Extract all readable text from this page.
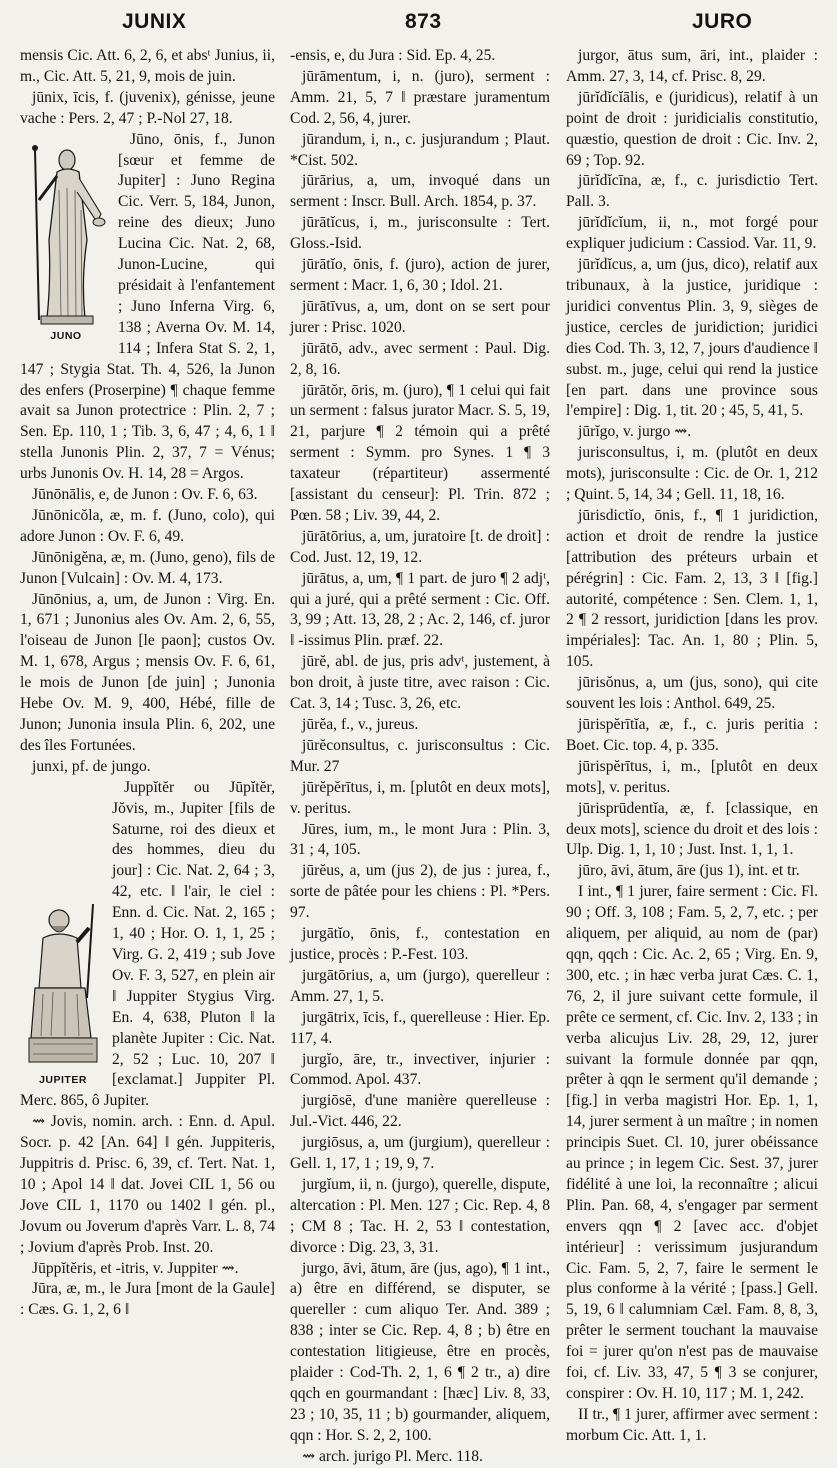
JUNIX	873	JURO

mensis Cic. Att. 6, 2, 6, et absᵗ Junius, ii, m., Cic. Att. 5, 21, 9, mois de juin.

jūnix, īcis, f. (juvenix), génisse, jeune vache : Pers. 2, 47 ; P.-Nol 27, 18.

JUNO

Jūno, ōnis, f., Junon [sœur et femme de Jupiter] : Juno Regina Cic. Verr. 5, 184, Junon, reine des dieux; Juno Lucina Cic. Nat. 2, 68, Junon-Lucine, qui présidait à l'enfantement ; Juno Inferna Virg. 6, 138 ; Averna Ov. M. 14, 114 ; Infera Stat S. 2, 1, 147 ; Stygia Stat. Th. 4, 526, la Junon des enfers (Proserpine) ¶ chaque femme avait sa Junon protectrice : Plin. 2, 7 ; Sen. Ep. 110, 1 ; Tib. 3, 6, 47 ; 4, 6, 1 ‖ stella Junonis Plin. 2, 37, 7 = Vénus; urbs Junonis Ov. H. 14, 28 = Argos.

Jūnōnālis, e, de Junon : Ov. F. 6, 63.

Jūnōnicŏla, æ, m. f. (Juno, colo), qui adore Junon : Ov. F. 6, 49.

Jūnōnigĕna, æ, m. (Juno, geno), fils de Junon [Vulcain] : Ov. M. 4, 173.

Jūnōnius, a, um, de Junon : Virg. En. 1, 671 ; Junonius ales Ov. Am. 2, 6, 55, l'oiseau de Junon [le paon]; custos Ov. M. 1, 678, Argus ; mensis Ov. F. 6, 61, le mois de Junon [de juin] ; Junonia Hebe Ov. M. 9, 400, Hébé, fille de Junon; Junonia insula Plin. 6, 202, une des îles Fortunées.

junxi, pf. de jungo.

JUPITER

Juppĭtĕr ou Jūpĭtĕr, Jŏvis, m., Jupiter [fils de Saturne, roi des dieux et des hommes, dieu du jour] : Cic. Nat. 2, 64 ; 3, 42, etc. ‖ l'air, le ciel : Enn. d. Cic. Nat. 2, 165 ; 1, 40 ; Hor. O. 1, 1, 25 ; Virg. G. 2, 419 ; sub Jove Ov. F. 3, 527, en plein air ‖ Juppiter Stygius Virg. En. 4, 638, Pluton ‖ la planète Jupiter : Cic. Nat. 2, 52 ; Luc. 10, 207 ‖ [exclamat.] Juppiter Pl. Merc. 865, ô Jupiter.

⇝ Jovis, nomin. arch. : Enn. d. Apul. Socr. p. 42 [An. 64] ‖ gén. Juppiteris, Juppitris d. Prisc. 6, 39, cf. Tert. Nat. 1, 10 ; Apol 14 ‖ dat. Jovei CIL 1, 56 ou Jove CIL 1, 1170 ou 1402 ‖ gén. pl., Jovum ou Joverum d'après Varr. L. 8, 74 ; Jovium d'après Prob. Inst. 20.

Jūppĭtĕris, et -itris, v. Juppiter ⇝.

Jūra, æ, m., le Jura [mont de la Gaule] : Cæs. G. 1, 2, 6 ‖

-ensis, e, du Jura : Sid. Ep. 4, 25.

jūrāmentum, i, n. (juro), serment : Amm. 21, 5, 7 ‖ præstare juramentum Cod. 2, 56, 4, jurer.

jūrandum, i, n., c. jusjurandum ; Plaut. *Cist. 502.

jūrārius, a, um, invoqué dans un serment : Inscr. Bull. Arch. 1854, p. 37.

jūrātĭcus, i, m., jurisconsulte : Tert. Gloss.-Isid.

jūrātĭo, ōnis, f. (juro), action de jurer, serment : Macr. 1, 6, 30 ; Idol. 21.

jūrātīvus, a, um, dont on se sert pour jurer : Prisc. 1020.

jūrātō, adv., avec serment : Paul. Dig. 2, 8, 16.

jūrātŏr, ōris, m. (juro), ¶ 1 celui qui fait un serment : falsus jurator Macr. S. 5, 19, 21, parjure ¶ 2 témoin qui a prêté serment : Symm. pro Synes. 1 ¶ 3 taxateur (répartiteur) assermenté [assistant du censeur]: Pl. Trin. 872 ; Pœn. 58 ; Liv. 39, 44, 2.

jūrātōrius, a, um, juratoire [t. de droit] : Cod. Just. 12, 19, 12.

jūrātus, a, um, ¶ 1 part. de juro ¶ 2 adjᵗ, qui a juré, qui a prêté serment : Cic. Off. 3, 99 ; Att. 13, 28, 2 ; Ac. 2, 146, cf. juror ‖ -issimus Plin. præf. 22.

jūrĕ, abl. de jus, pris advᵗ, justement, à bon droit, à juste titre, avec raison : Cic. Cat. 3, 14 ; Tusc. 3, 26, etc.

jūrĕa, f., v., jureus.

jūrĕconsultus, c. jurisconsultus : Cic. Mur. 27

jūrĕpĕrītus, i, m. [plutôt en deux mots], v. peritus.

Jūres, ium, m., le mont Jura : Plin. 3, 31 ; 4, 105.

jūrĕus, a, um (jus 2), de jus : jurea, f., sorte de pâtée pour les chiens : Pl. *Pers. 97.

jurgātĭo, ōnis, f., contestation en justice, procès : P.-Fest. 103.

jurgātōrius, a, um (jurgo), querelleur : Amm. 27, 1, 5.

jurgātrix, īcis, f., querelleuse : Hier. Ep. 117, 4.

jurgĭo, āre, tr., invectiver, injurier : Commod. Apol. 437.

jurgiōsē, d'une manière querelleuse : Jul.-Vict. 446, 22.

jurgiōsus, a, um (jurgium), querelleur : Gell. 1, 17, 1 ; 19, 9, 7.

jurgĭum, ii, n. (jurgo), querelle, dispute, altercation : Pl. Men. 127 ; Cic. Rep. 4, 8 ; CM 8 ; Tac. H. 2, 53 ‖ contestation, divorce : Dig. 23, 3, 31.

jurgo, āvi, ātum, āre (jus, ago), ¶ 1 int., a) être en différend, se disputer, se quereller : cum aliquo Ter. And. 389 ; 838 ; inter se Cic. Rep. 4, 8 ; b) être en contestation litigieuse, être en procès, plaider : Cod-Th. 2, 1, 6 ¶ 2 tr., a) dire qqch en gourmandant : [hæc] Liv. 8, 33, 23 ; 10, 35, 11 ; b) gourmander, aliquem, qqn : Hor. S. 2, 2, 100.

⇝ arch. jurigo Pl. Merc. 118.

jurgor, ātus sum, āri, int., plaider : Amm. 27, 3, 14, cf. Prisc. 8, 29.

jūrĭdĭcĭālis, e (juridicus), relatif à un point de droit : juridicialis constitutio, quæstio, question de droit : Cic. Inv. 2, 69 ; Top. 92.

jūrĭdĭcīna, æ, f., c. jurisdictio Tert. Pall. 3.

jūrĭdĭcĭum, ii, n., mot forgé pour expliquer judicium : Cassiod. Var. 11, 9.

jūrĭdĭcus, a, um (jus, dico), relatif aux tribunaux, à la justice, juridique : juridici conventus Plin. 3, 9, sièges de justice, cercles de juridiction; juridici dies Cod. Th. 3, 12, 7, jours d'audience ‖ subst. m., juge, celui qui rend la justice [en part. dans une province sous l'empire] : Dig. 1, tit. 20 ; 45, 5, 41, 5.

jūrĭgo, v. jurgo ⇝.

jurisconsultus, i, m. (plutôt en deux mots), jurisconsulte : Cic. de Or. 1, 212 ; Quint. 5, 14, 34 ; Gell. 11, 18, 16.

jūrisdictĭo, ōnis, f., ¶ 1 juridiction, action et droit de rendre la justice [attribution des préteurs urbain et pérégrin] : Cic. Fam. 2, 13, 3 ‖ [fig.] autorité, compétence : Sen. Clem. 1, 1, 2 ¶ 2 ressort, juridiction [dans les prov. impériales]: Tac. An. 1, 80 ; Plin. 5, 105.

jūrisŏnus, a, um (jus, sono), qui cite souvent les lois : Anthol. 649, 25.

jūrispĕrītĭa, æ, f., c. juris peritia : Boet. Cic. top. 4, p. 335.

jūrispĕrītus, i, m., [plutôt en deux mots], v. peritus.

jūrisprūdentĭa, æ, f. [classique, en deux mots], science du droit et des lois : Ulp. Dig. 1, 1, 10 ; Just. Inst. 1, 1, 1.

jūro, āvi, ātum, āre (jus 1), int. et tr.

I int., ¶ 1 jurer, faire serment : Cic. Fl. 90 ; Off. 3, 108 ; Fam. 5, 2, 7, etc. ; per aliquem, per aliquid, au nom de (par) qqn, qqch : Cic. Ac. 2, 65 ; Virg. En. 9, 300, etc. ; in hæc verba jurat Cæs. C. 1, 76, 2, il jure suivant cette formule, il prête ce serment, cf. Cic. Inv. 2, 133 ; in verba alicujus Liv. 28, 29, 12, jurer suivant la formule donnée par qqn, prêter à qqn le serment qu'il demande ; [fig.] in verba magistri Hor. Ep. 1, 1, 14, jurer serment à un maître ; in nomen principis Suet. Cl. 10, jurer obéissance au prince ; in legem Cic. Sest. 37, jurer fidélité à une loi, la reconnaître ; alicui Plin. Pan. 68, 4, s'engager par serment envers qqn ¶ 2 [avec acc. d'objet intérieur] : verissimum jusjurandum Cic. Fam. 5, 2, 7, faire le serment le plus conforme à la vérité ; [pass.] Gell. 5, 19, 6 ‖ calumniam Cæl. Fam. 8, 8, 3, prêter le serment touchant la mauvaise foi = jurer qu'on n'est pas de mauvaise foi, cf. Liv. 33, 47, 5 ¶ 3 se conjurer, conspirer : Ov. H. 10, 117 ; M. 1, 242.

II tr., ¶ 1 jurer, affirmer avec serment : morbum Cic. Att. 1, 1.
